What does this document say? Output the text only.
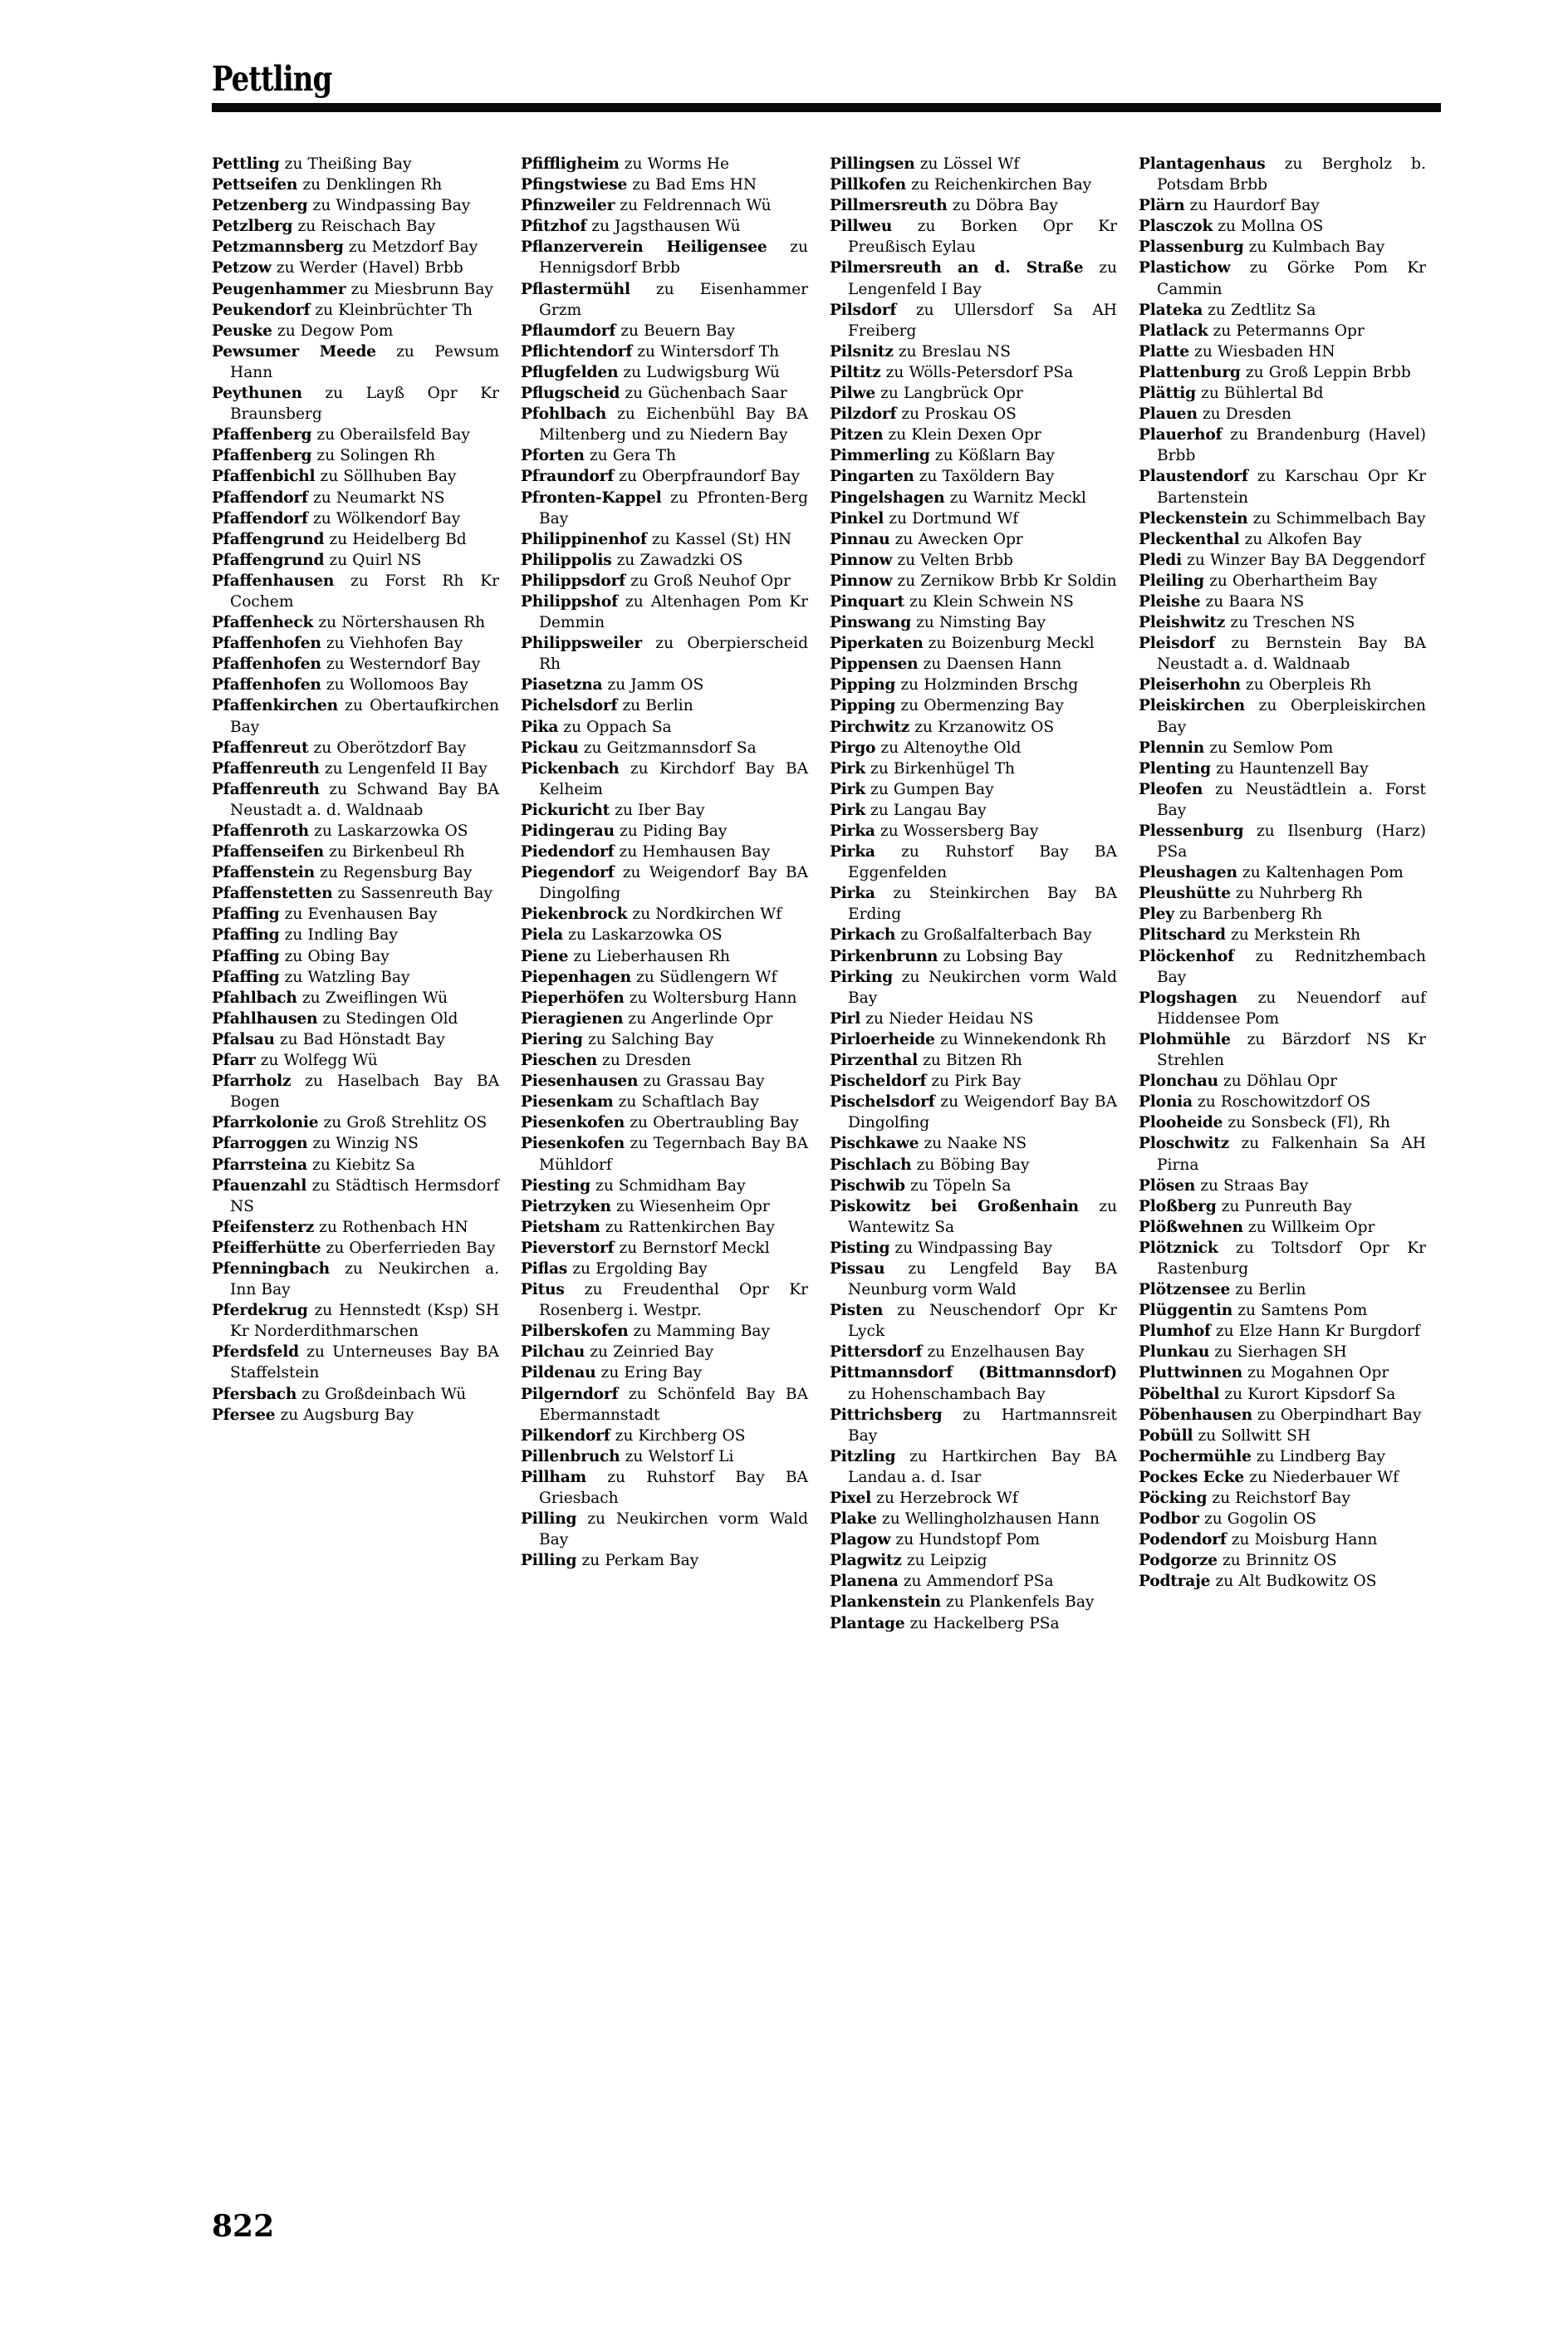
Pettling

Pettling zu Theißing Bay

Pettseifen zu Denklingen Rh

Petzenberg zu Windpassing Bay

Petzlberg zu Reischach Bay

Petzmannsberg zu Metzdorf Bay

Petzow zu Werder (Havel) Brbb

Peugenhammer zu Miesbrunn Bay

Peukendorf zu Kleinbrüchter Th

Peuske zu Degow Pom

Pewsumer Meede zu Pewsum Hann

Peythunen zu Layß Opr Kr Braunsberg

Pfaffenberg zu Oberailsfeld Bay

Pfaffenberg zu Solingen Rh

Pfaffenbichl zu Söllhuben Bay

Pfaffendorf zu Neumarkt NS

Pfaffendorf zu Wölkendorf Bay

Pfaffengrund zu Heidelberg Bd

Pfaffengrund zu Quirl NS

Pfaffenhausen zu Forst Rh Kr Cochem

Pfaffenheck zu Nörtershausen Rh

Pfaffenhofen zu Viehhofen Bay

Pfaffenhofen zu Westerndorf Bay

Pfaffenhofen zu Wollomoos Bay

Pfaffenkirchen zu Obertaufkirchen Bay

Pfaffenreut zu Oberötzdorf Bay

Pfaffenreuth zu Lengenfeld II Bay

Pfaffenreuth zu Schwand Bay BA Neustadt a. d. Waldnaab

Pfaffenroth zu Laskarzowka OS

Pfaffenseifen zu Birkenbeul Rh

Pfaffenstein zu Regensburg Bay

Pfaffenstetten zu Sassenreuth Bay

Pfaffing zu Evenhausen Bay

Pfaffing zu Indling Bay

Pfaffing zu Obing Bay

Pfaffing zu Watzling Bay

Pfahlbach zu Zweiflingen Wü

Pfahlhausen zu Stedingen Old

Pfalsau zu Bad Hönstadt Bay

Pfarr zu Wolfegg Wü

Pfarrholz zu Haselbach Bay BA Bogen

Pfarrkolonie zu Groß Strehlitz OS

Pfarroggen zu Winzig NS

Pfarrsteina zu Kiebitz Sa

Pfauenzahl zu Städtisch Hermsdorf NS

Pfeifensterz zu Rothenbach HN

Pfeifferhütte zu Oberferrieden Bay

Pfenningbach zu Neukirchen a. Inn Bay

Pferdekrug zu Hennstedt (Ksp) SH Kr Norderdithmarschen

Pferdsfeld zu Unterneuses Bay BA Staffelstein

Pfersbach zu Großdeinbach Wü

Pfersee zu Augsburg Bay

Pfiffligheim zu Worms He

Pfingstwiese zu Bad Ems HN

Pfinzweiler zu Feldrennach Wü

Pfitzhof zu Jagsthausen Wü

Pflanzerverein Heiligensee zu Hennigsdorf Brbb

Pflastermühl zu Eisenhammer Grzm

Pflaumdorf zu Beuern Bay

Pflichtendorf zu Wintersdorf Th

Pflugfelden zu Ludwigsburg Wü

Pflugscheid zu Güchenbach Saar

Pfohlbach zu Eichenbühl Bay BA Miltenberg und zu Niedern Bay

Pforten zu Gera Th

Pfraundorf zu Oberpfraundorf Bay

Pfronten-Kappel zu Pfronten-Berg Bay

Philippinenhof zu Kassel (St) HN

Philippolis zu Zawadzki OS

Philippsdorf zu Groß Neuhof Opr

Philippshof zu Altenhagen Pom Kr Demmin

Philippsweiler zu Oberpierscheid Rh

Piasetzna zu Jamm OS

Pichelsdorf zu Berlin

Pika zu Oppach Sa

Pickau zu Geitzmannsdorf Sa

Pickenbach zu Kirchdorf Bay BA Kelheim

Pickuricht zu Iber Bay

Pidingerau zu Piding Bay

Piedendorf zu Hemhausen Bay

Piegendorf zu Weigendorf Bay BA Dingolfing

Piekenbrock zu Nordkirchen Wf

Piela zu Laskarzowka OS

Piene zu Lieberhausen Rh

Piepenhagen zu Südlengern Wf

Pieperhöfen zu Woltersburg Hann

Pieragienen zu Angerlinde Opr

Piering zu Salching Bay

Pieschen zu Dresden

Piesenhausen zu Grassau Bay

Piesenkam zu Schaftlach Bay

Piesenkofen zu Obertraubling Bay

Piesenkofen zu Tegernbach Bay BA Mühldorf

Piesting zu Schmidham Bay

Pietrzyken zu Wiesenheim Opr

Pietsham zu Rattenkirchen Bay

Pieverstorf zu Bernstorf Meckl

Piflas zu Ergolding Bay

Pitus zu Freudenthal Opr Kr Rosenberg i. Westpr.

Pilberskofen zu Mamming Bay

Pilchau zu Zeinried Bay

Pildenau zu Ering Bay

Pilgerndorf zu Schönfeld Bay BA Ebermannstadt

Pilkendorf zu Kirchberg OS

Pillenbruch zu Welstorf Li

Pillham zu Ruhstorf Bay BA Griesbach

Pilling zu Neukirchen vorm Wald Bay

Pilling zu Perkam Bay

Pillingsen zu Lössel Wf

Pillkofen zu Reichenkirchen Bay

Pillmersreuth zu Döbra Bay

Pillweu zu Borken Opr Kr Preußisch Eylau

Pilmersreuth an d. Straße zu Lengenfeld I Bay

Pilsdorf zu Ullersdorf Sa AH Freiberg

Pilsnitz zu Breslau NS

Piltitz zu Wölls-Petersdorf PSa

Pilwe zu Langbrück Opr

Pilzdorf zu Proskau OS

Pitzen zu Klein Dexen Opr

Pimmerling zu Kößlarn Bay

Pingarten zu Taxöldern Bay

Pingelshagen zu Warnitz Meckl

Pinkel zu Dortmund Wf

Pinnau zu Awecken Opr

Pinnow zu Velten Brbb

Pinnow zu Zernikow Brbb Kr Soldin

Pinquart zu Klein Schwein NS

Pinswang zu Nimsting Bay

Piperkaten zu Boizenburg Meckl

Pippensen zu Daensen Hann

Pipping zu Holzminden Brschg

Pipping zu Obermenzing Bay

Pirchwitz zu Krzanowitz OS

Pirgo zu Altenoythe Old

Pirk zu Birkenhügel Th

Pirk zu Gumpen Bay

Pirk zu Langau Bay

Pirka zu Wossersberg Bay

Pirka zu Ruhstorf Bay BA Eggenfelden

Pirka zu Steinkirchen Bay BA Erding

Pirkach zu Großalfalterbach Bay

Pirkenbrunn zu Lobsing Bay

Pirking zu Neukirchen vorm Wald Bay

Pirl zu Nieder Heidau NS

Pirloerheide zu Winnekendonk Rh

Pirzenthal zu Bitzen Rh

Pischeldorf zu Pirk Bay

Pischelsdorf zu Weigendorf Bay BA Dingolfing

Pischkawe zu Naake NS

Pischlach zu Böbing Bay

Pischwib zu Töpeln Sa

Piskowitz bei Großenhain zu Wantewitz Sa

Pisting zu Windpassing Bay

Pissau zu Lengfeld Bay BA Neunburg vorm Wald

Pisten zu Neuschendorf Opr Kr Lyck

Pittersdorf zu Enzelhausen Bay

Pittmannsdorf (Bittmannsdorf) zu Hohenschambach Bay

Pittrichsberg zu Hartmannsreit Bay

Pitzling zu Hartkirchen Bay BA Landau a. d. Isar

Pixel zu Herzebrock Wf

Plake zu Wellingholzhausen Hann

Plagow zu Hundstopf Pom

Plagwitz zu Leipzig

Planena zu Ammendorf PSa

Plankenstein zu Plankenfels Bay

Plantage zu Hackelberg PSa

Plantagenhaus zu Bergholz b. Potsdam Brbb

Plärn zu Haurdorf Bay

Plasczok zu Mollna OS

Plassenburg zu Kulmbach Bay

Plastichow zu Görke Pom Kr Cammin

Plateka zu Zedtlitz Sa

Platlack zu Petermanns Opr

Platte zu Wiesbaden HN

Plattenburg zu Groß Leppin Brbb

Plättig zu Bühlertal Bd

Plauen zu Dresden

Plauerhof zu Brandenburg (Havel) Brbb

Plaustendorf zu Karschau Opr Kr Bartenstein

Pleckenstein zu Schimmelbach Bay

Pleckenthal zu Alkofen Bay

Pledi zu Winzer Bay BA Deggendorf

Pleiling zu Oberhartheim Bay

Pleishe zu Baara NS

Pleishwitz zu Treschen NS

Pleisdorf zu Bernstein Bay BA Neustadt a. d. Waldnaab

Pleiserhohn zu Oberpleis Rh

Pleiskirchen zu Oberpleiskirchen Bay

Plennin zu Semlow Pom

Plenting zu Hauntenzell Bay

Pleofen zu Neustädtlein a. Forst Bay

Plessenburg zu Ilsenburg (Harz) PSa

Pleushagen zu Kaltenhagen Pom

Pleushütte zu Nuhrberg Rh

Pley zu Barbenberg Rh

Plitschard zu Merkstein Rh

Plöckenhof zu Rednitzhembach Bay

Plogshagen zu Neuendorf auf Hiddensee Pom

Plohmühle zu Bärzdorf NS Kr Strehlen

Plonchau zu Döhlau Opr

Plonia zu Roschowitzdorf OS

Plooheide zu Sonsbeck (Fl), Rh

Ploschwitz zu Falkenhain Sa AH Pirna

Plösen zu Straas Bay

Ploßberg zu Punreuth Bay

Plößwehnen zu Willkeim Opr

Plötznick zu Toltsdorf Opr Kr Rastenburg

Plötzensee zu Berlin

Plüggentin zu Samtens Pom

Plumhof zu Elze Hann Kr Burgdorf

Plunkau zu Sierhagen SH

Pluttwinnen zu Mogahnen Opr

Pöbelthal zu Kurort Kipsdorf Sa

Pöbenhausen zu Oberpindhart Bay

Pobüll zu Sollwitt SH

Pochermühle zu Lindberg Bay

Pockes Ecke zu Niederbauer Wf

Pöcking zu Reichstorf Bay

Podbor zu Gogolin OS

Podendorf zu Moisburg Hann

Podgorze zu Brinnitz OS

Podtraje zu Alt Budkowitz OS

822
